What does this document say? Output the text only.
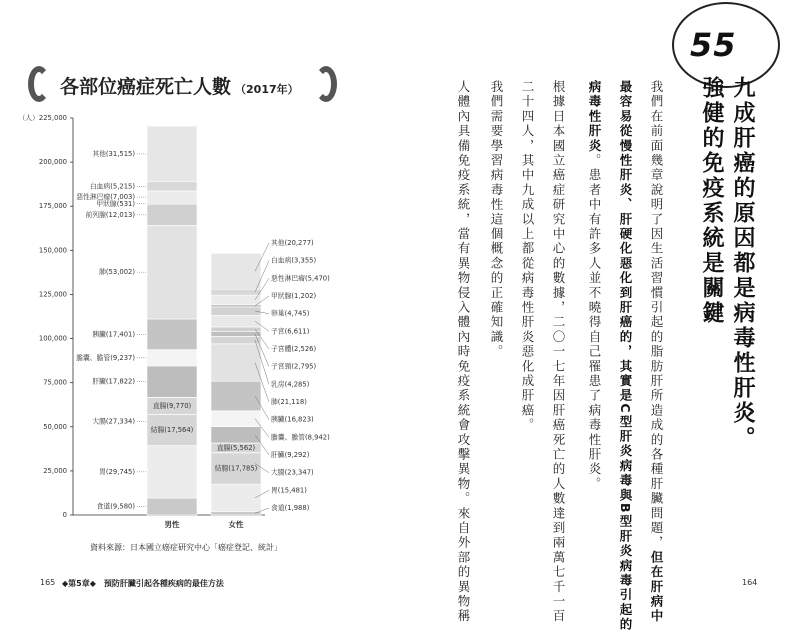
各部位癌症死亡人數 （2017年）
0
25,000
50,000
75,000
100,000
125,000
150,000
175,000
200,000
（人）225,000
結腸(17,564)
直腸(9,770)
食道(9,580)
胃(29,745)
大腸(27,334)
肝臟(17,822)
膽囊、膽管(9,237)
胰臟(17,401)
肺(53,002)
前列腺(12,013)
甲狀腺(531)
惡性淋巴瘤(7,003)
白血病(5,215)
其他(31,515)
男性
結腸(17,785)
直腸(5,562)
其他(20,277)
白血病(3,355)
惡性淋巴瘤(5,470)
甲狀腺(1,202)
卵巢(4,745)
子宮(6,611)
子宮體(2,526)
子宮頸(2,795)
乳房(4,285)
肺(21,118)
胰臟(16,823)
膽囊、膽管(8,942)
肝臟(9,292)
大腸(23,347)
胃(15,481)
食道(1,988)
女性
資料來源：日本國立癌症研究中心「癌症登記、統計」
165 ◆第5章◆　預防肝臟引起各種疾病的最佳方法	164
55
九成肝癌的原因都是病毒性肝炎。
強健的免疫系統是關鍵
我們在前面幾章說明了因生活習慣引起的脂肪肝所造成的各種肝臟問題，但在肝病中
最容易從慢性肝炎、肝硬化惡化到肝癌的，其實是C型肝炎病毒與B型肝炎病毒引起的
病毒性肝炎。患者中有許多人並不曉得自己罹患了病毒性肝炎。
根據日本國立癌症研究中心的數據，二〇一七年因肝癌死亡的人數達到兩萬七千一百
二十四人，其中九成以上都從病毒性肝炎惡化成肝癌。
我們需要學習病毒性這個概念的正確知識。
人體內具備免疫系統，當有異物侵入體內時免疫系統會攻擊異物。來自外部的異物稱
